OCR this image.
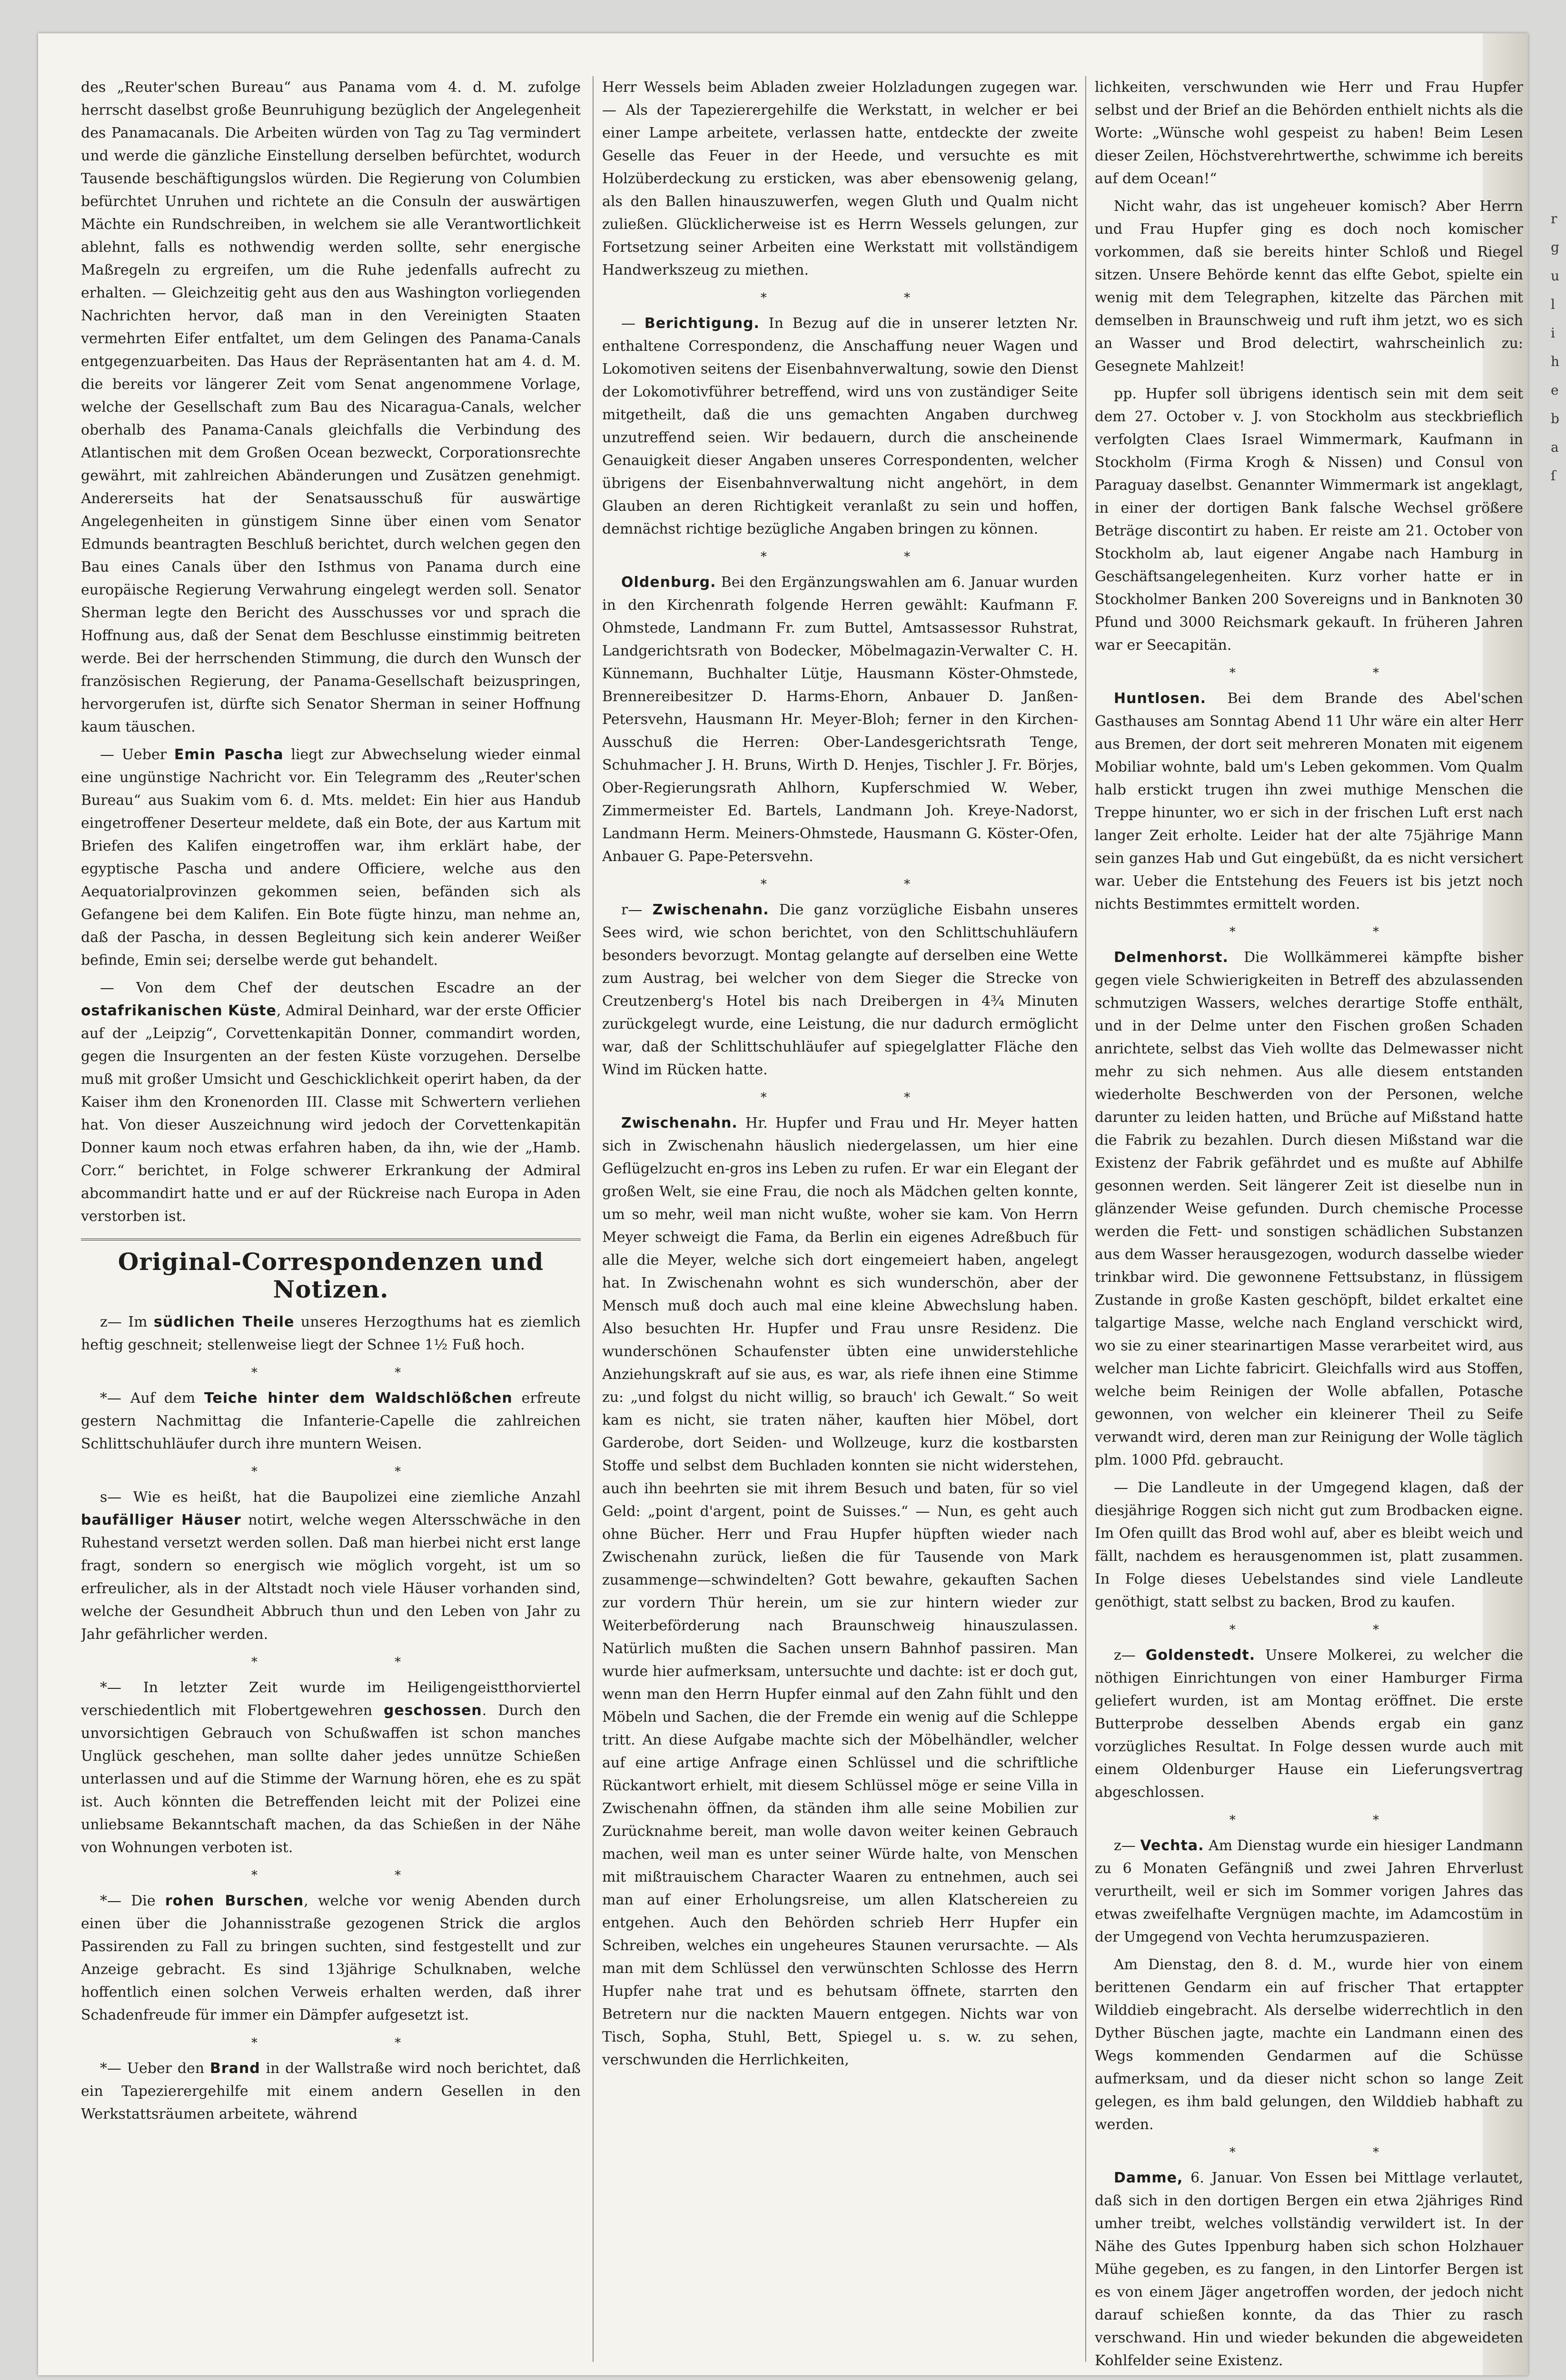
des „Reuter'schen Bureau“ aus Panama vom 4. d. M. zufolge herrscht daselbst große Beunruhigung bezüglich der Angelegenheit des Panamacanals. Die Arbeiten würden von Tag zu Tag vermindert und werde die gänzliche Einstellung derselben befürchtet, wodurch Tausende beschäftigungslos würden. Die Regierung von Columbien befürchtet Unruhen und richtete an die Consuln der auswärtigen Mächte ein Rundschreiben, in welchem sie alle Verantwortlichkeit ablehnt, falls es nothwendig werden sollte, sehr energische Maßregeln zu ergreifen, um die Ruhe jedenfalls aufrecht zu erhalten. — Gleichzeitig geht aus den aus Washington vorliegenden Nachrichten hervor, daß man in den Vereinigten Staaten vermehrten Eifer entfaltet, um dem Gelingen des Panama-Canals entgegenzuarbeiten. Das Haus der Repräsentanten hat am 4. d. M. die bereits vor längerer Zeit vom Senat angenommene Vorlage, welche der Gesellschaft zum Bau des Nicaragua-Canals, welcher oberhalb des Panama-Canals gleichfalls die Verbindung des Atlantischen mit dem Großen Ocean bezweckt, Corporationsrechte gewährt, mit zahlreichen Abänderungen und Zusätzen genehmigt. Andererseits hat der Senatsausschuß für auswärtige Angelegenheiten in günstigem Sinne über einen vom Senator Edmunds beantragten Beschluß berichtet, durch welchen gegen den Bau eines Canals über den Isthmus von Panama durch eine europäische Regierung Verwahrung eingelegt werden soll. Senator Sherman legte den Bericht des Ausschusses vor und sprach die Hoffnung aus, daß der Senat dem Beschlusse einstimmig beitreten werde. Bei der herrschenden Stimmung, die durch den Wunsch der französischen Regierung, der Panama-Gesellschaft beizuspringen, hervorgerufen ist, dürfte sich Senator Sherman in seiner Hoffnung kaum täuschen.

— Ueber Emin Pascha liegt zur Abwechselung wieder einmal eine ungünstige Nachricht vor. Ein Telegramm des „Reuter'schen Bureau“ aus Suakim vom 6. d. Mts. meldet: Ein hier aus Handub eingetroffener Deserteur meldete, daß ein Bote, der aus Kartum mit Briefen des Kalifen eingetroffen war, ihm erklärt habe, der egyptische Pascha und andere Officiere, welche aus den Aequatorialprovinzen gekommen seien, befänden sich als Gefangene bei dem Kalifen. Ein Bote fügte hinzu, man nehme an, daß der Pascha, in dessen Begleitung sich kein anderer Weißer befinde, Emin sei; derselbe werde gut behandelt.

— Von dem Chef der deutschen Escadre an der ostafrikanischen Küste, Admiral Deinhard, war der erste Officier auf der „Leipzig“, Corvettenkapitän Donner, commandirt worden, gegen die Insurgenten an der festen Küste vorzugehen. Derselbe muß mit großer Umsicht und Geschicklichkeit operirt haben, da der Kaiser ihm den Kronenorden III. Classe mit Schwertern verliehen hat. Von dieser Auszeichnung wird jedoch der Corvettenkapitän Donner kaum noch etwas erfahren haben, da ihn, wie der „Hamb. Corr.“ berichtet, in Folge schwerer Erkrankung der Admiral abcommandirt hatte und er auf der Rückreise nach Europa in Aden verstorben ist.

Original-Correspondenzen und Notizen.

z— Im südlichen Theile unseres Herzogthums hat es ziemlich heftig geschneit; stellenweise liegt der Schnee 1½ Fuß hoch.

* *

*— Auf dem Teiche hinter dem Waldschlößchen erfreute gestern Nachmittag die Infanterie-Capelle die zahlreichen Schlittschuhläufer durch ihre muntern Weisen.

* *

s— Wie es heißt, hat die Baupolizei eine ziemliche Anzahl baufälliger Häuser notirt, welche wegen Altersschwäche in den Ruhestand versetzt werden sollen. Daß man hierbei nicht erst lange fragt, sondern so energisch wie möglich vorgeht, ist um so erfreulicher, als in der Altstadt noch viele Häuser vorhanden sind, welche der Gesundheit Abbruch thun und den Leben von Jahr zu Jahr gefährlicher werden.

* *

*— In letzter Zeit wurde im Heiligengeistthorviertel verschiedentlich mit Flobertgewehren geschossen. Durch den unvorsichtigen Gebrauch von Schußwaffen ist schon manches Unglück geschehen, man sollte daher jedes unnütze Schießen unterlassen und auf die Stimme der Warnung hören, ehe es zu spät ist. Auch könnten die Betreffenden leicht mit der Polizei eine unliebsame Bekanntschaft machen, da das Schießen in der Nähe von Wohnungen verboten ist.

* *

*— Die rohen Burschen, welche vor wenig Abenden durch einen über die Johannisstraße gezogenen Strick die arglos Passirenden zu Fall zu bringen suchten, sind festgestellt und zur Anzeige gebracht. Es sind 13jährige Schulknaben, welche hoffentlich einen solchen Verweis erhalten werden, daß ihrer Schadenfreude für immer ein Dämpfer aufgesetzt ist.

* *

*— Ueber den Brand in der Wallstraße wird noch berichtet, daß ein Tapezierergehilfe mit einem andern Gesellen in den Werkstattsräumen arbeitete, während

Herr Wessels beim Abladen zweier Holzladungen zugegen war. — Als der Tapezierergehilfe die Werkstatt, in welcher er bei einer Lampe arbeitete, verlassen hatte, entdeckte der zweite Geselle das Feuer in der Heede, und versuchte es mit Holzüberdeckung zu ersticken, was aber ebensowenig gelang, als den Ballen hinauszuwerfen, wegen Gluth und Qualm nicht zuließen. Glücklicherweise ist es Herrn Wessels gelungen, zur Fortsetzung seiner Arbeiten eine Werkstatt mit vollständigem Handwerkszeug zu miethen.

* *

— Berichtigung. In Bezug auf die in unserer letzten Nr. enthaltene Correspondenz, die Anschaffung neuer Wagen und Lokomotiven seitens der Eisenbahnverwaltung, sowie den Dienst der Lokomotivführer betreffend, wird uns von zuständiger Seite mitgetheilt, daß die uns gemachten Angaben durchweg unzutreffend seien. Wir bedauern, durch die anscheinende Genauigkeit dieser Angaben unseres Correspondenten, welcher übrigens der Eisenbahnverwaltung nicht angehört, in dem Glauben an deren Richtigkeit veranlaßt zu sein und hoffen, demnächst richtige bezügliche Angaben bringen zu können.

* *

Oldenburg. Bei den Ergänzungswahlen am 6. Januar wurden in den Kirchenrath folgende Herren gewählt: Kaufmann F. Ohmstede, Landmann Fr. zum Buttel, Amtsassessor Ruhstrat, Landgerichtsrath von Bodecker, Möbelmagazin-Verwalter C. H. Künnemann, Buchhalter Lütje, Hausmann Köster-Ohmstede, Brennereibesitzer D. Harms-Ehorn, Anbauer D. Janßen-Petersvehn, Hausmann Hr. Meyer-Bloh; ferner in den Kirchen-Ausschuß die Herren: Ober-Landesgerichtsrath Tenge, Schuhmacher J. H. Bruns, Wirth D. Henjes, Tischler J. Fr. Börjes, Ober-Regierungsrath Ahlhorn, Kupferschmied W. Weber, Zimmermeister Ed. Bartels, Landmann Joh. Kreye-Nadorst, Landmann Herm. Meiners-Ohmstede, Hausmann G. Köster-Ofen, Anbauer G. Pape-Petersvehn.

* *

r— Zwischenahn. Die ganz vorzügliche Eisbahn unseres Sees wird, wie schon berichtet, von den Schlittschuhläufern besonders bevorzugt. Montag gelangte auf derselben eine Wette zum Austrag, bei welcher von dem Sieger die Strecke von Creutzenberg's Hotel bis nach Dreibergen in 4¾ Minuten zurückgelegt wurde, eine Leistung, die nur dadurch ermöglicht war, daß der Schlittschuhläufer auf spiegelglatter Fläche den Wind im Rücken hatte.

* *

Zwischenahn. Hr. Hupfer und Frau und Hr. Meyer hatten sich in Zwischenahn häuslich niedergelassen, um hier eine Geflügelzucht en-gros ins Leben zu rufen. Er war ein Elegant der großen Welt, sie eine Frau, die noch als Mädchen gelten konnte, um so mehr, weil man nicht wußte, woher sie kam. Von Herrn Meyer schweigt die Fama, da Berlin ein eigenes Adreßbuch für alle die Meyer, welche sich dort eingemeiert haben, angelegt hat. In Zwischenahn wohnt es sich wunderschön, aber der Mensch muß doch auch mal eine kleine Abwechslung haben. Also besuchten Hr. Hupfer und Frau unsre Residenz. Die wunderschönen Schaufenster übten eine unwiderstehliche Anziehungskraft auf sie aus, es war, als riefe ihnen eine Stimme zu: „und folgst du nicht willig, so brauch' ich Gewalt.“ So weit kam es nicht, sie traten näher, kauften hier Möbel, dort Garderobe, dort Seiden- und Wollzeuge, kurz die kostbarsten Stoffe und selbst dem Buchladen konnten sie nicht widerstehen, auch ihn beehrten sie mit ihrem Besuch und baten, für so viel Geld: „point d'argent, point de Suisses.“ — Nun, es geht auch ohne Bücher. Herr und Frau Hupfer hüpften wieder nach Zwischenahn zurück, ließen die für Tausende von Mark zusammenge—schwindelten? Gott bewahre, gekauften Sachen zur vordern Thür herein, um sie zur hintern wieder zur Weiterbeförderung nach Braunschweig hinauszulassen. Natürlich mußten die Sachen unsern Bahnhof passiren. Man wurde hier aufmerksam, untersuchte und dachte: ist er doch gut, wenn man den Herrn Hupfer einmal auf den Zahn fühlt und den Möbeln und Sachen, die der Fremde ein wenig auf die Schleppe tritt. An diese Aufgabe machte sich der Möbelhändler, welcher auf eine artige Anfrage einen Schlüssel und die schriftliche Rückantwort erhielt, mit diesem Schlüssel möge er seine Villa in Zwischenahn öffnen, da ständen ihm alle seine Mobilien zur Zurücknahme bereit, man wolle davon weiter keinen Gebrauch machen, weil man es unter seiner Würde halte, von Menschen mit mißtrauischem Character Waaren zu entnehmen, auch sei man auf einer Erholungsreise, um allen Klatschereien zu entgehen. Auch den Behörden schrieb Herr Hupfer ein Schreiben, welches ein ungeheures Staunen verursachte. — Als man mit dem Schlüssel den verwünschten Schlosse des Herrn Hupfer nahe trat und es behutsam öffnete, starrten den Betretern nur die nackten Mauern entgegen. Nichts war von Tisch, Sopha, Stuhl, Bett, Spiegel u. s. w. zu sehen, verschwunden die Herrlichkeiten,

lichkeiten, verschwunden wie Herr und Frau Hupfer selbst und der Brief an die Behörden enthielt nichts als die Worte: „Wünsche wohl gespeist zu haben! Beim Lesen dieser Zeilen, Höchstverehrtwerthe, schwimme ich bereits auf dem Ocean!“

Nicht wahr, das ist ungeheuer komisch? Aber Herrn und Frau Hupfer ging es doch noch komischer vorkommen, daß sie bereits hinter Schloß und Riegel sitzen. Unsere Behörde kennt das elfte Gebot, spielte ein wenig mit dem Telegraphen, kitzelte das Pärchen mit demselben in Braunschweig und ruft ihm jetzt, wo es sich an Wasser und Brod delectirt, wahrscheinlich zu: Gesegnete Mahlzeit!

pp. Hupfer soll übrigens identisch sein mit dem seit dem 27. October v. J. von Stockholm aus steckbrieflich verfolgten Claes Israel Wimmermark, Kaufmann in Stockholm (Firma Krogh & Nissen) und Consul von Paraguay daselbst. Genannter Wimmermark ist angeklagt, in einer der dortigen Bank falsche Wechsel größere Beträge discontirt zu haben. Er reiste am 21. October von Stockholm ab, laut eigener Angabe nach Hamburg in Geschäftsangelegenheiten. Kurz vorher hatte er in Stockholmer Banken 200 Sovereigns und in Banknoten 30 Pfund und 3000 Reichsmark gekauft. In früheren Jahren war er Seecapitän.

* *

Huntlosen. Bei dem Brande des Abel'schen Gasthauses am Sonntag Abend 11 Uhr wäre ein alter Herr aus Bremen, der dort seit mehreren Monaten mit eigenem Mobiliar wohnte, bald um's Leben gekommen. Vom Qualm halb erstickt trugen ihn zwei muthige Menschen die Treppe hinunter, wo er sich in der frischen Luft erst nach langer Zeit erholte. Leider hat der alte 75jährige Mann sein ganzes Hab und Gut eingebüßt, da es nicht versichert war. Ueber die Entstehung des Feuers ist bis jetzt noch nichts Bestimmtes ermittelt worden.

* *

Delmenhorst. Die Wollkämmerei kämpfte bisher gegen viele Schwierigkeiten in Betreff des abzulassenden schmutzigen Wassers, welches derartige Stoffe enthält, und in der Delme unter den Fischen großen Schaden anrichtete, selbst das Vieh wollte das Delmewasser nicht mehr zu sich nehmen. Aus alle diesem entstanden wiederholte Beschwerden von der Personen, welche darunter zu leiden hatten, und Brüche auf Mißstand hatte die Fabrik zu bezahlen. Durch diesen Mißstand war die Existenz der Fabrik gefährdet und es mußte auf Abhilfe gesonnen werden. Seit längerer Zeit ist dieselbe nun in glänzender Weise gefunden. Durch chemische Processe werden die Fett- und sonstigen schädlichen Substanzen aus dem Wasser herausgezogen, wodurch dasselbe wieder trinkbar wird. Die gewonnene Fettsubstanz, in flüssigem Zustande in große Kasten geschöpft, bildet erkaltet eine talgartige Masse, welche nach England verschickt wird, wo sie zu einer stearinartigen Masse verarbeitet wird, aus welcher man Lichte fabricirt. Gleichfalls wird aus Stoffen, welche beim Reinigen der Wolle abfallen, Potasche gewonnen, von welcher ein kleinerer Theil zu Seife verwandt wird, deren man zur Reinigung der Wolle täglich plm. 1000 Pfd. gebraucht.

— Die Landleute in der Umgegend klagen, daß der diesjährige Roggen sich nicht gut zum Brodbacken eigne. Im Ofen quillt das Brod wohl auf, aber es bleibt weich und fällt, nachdem es herausgenommen ist, platt zusammen. In Folge dieses Uebelstandes sind viele Landleute genöthigt, statt selbst zu backen, Brod zu kaufen.

* *

z— Goldenstedt. Unsere Molkerei, zu welcher die nöthigen Einrichtungen von einer Hamburger Firma geliefert wurden, ist am Montag eröffnet. Die erste Butterprobe desselben Abends ergab ein ganz vorzügliches Resultat. In Folge dessen wurde auch mit einem Oldenburger Hause ein Lieferungsvertrag abgeschlossen.

* *

z— Vechta. Am Dienstag wurde ein hiesiger Landmann zu 6 Monaten Gefängniß und zwei Jahren Ehrverlust verurtheilt, weil er sich im Sommer vorigen Jahres das etwas zweifelhafte Vergnügen machte, im Adamcostüm in der Umgegend von Vechta herumzuspazieren.

Am Dienstag, den 8. d. M., wurde hier von einem berittenen Gendarm ein auf frischer That ertappter Wilddieb eingebracht. Als derselbe widerrechtlich in den Dyther Büschen jagte, machte ein Landmann einen des Wegs kommenden Gendarmen auf die Schüsse aufmerksam, und da dieser nicht schon so lange Zeit gelegen, es ihm bald gelungen, den Wilddieb habhaft zu werden.

* *

Damme, 6. Januar. Von Essen bei Mittlage verlautet, daß sich in den dortigen Bergen ein etwa 2jähriges Rind umher treibt, welches vollständig verwildert ist. In der Nähe des Gutes Ippenburg haben sich schon Holzhauer Mühe gegeben, es zu fangen, in den Lintorfer Bergen ist es von einem Jäger angetroffen worden, der jedoch nicht darauf schießen konnte, da das Thier zu rasch verschwand. Hin und wieder bekunden die abgeweideten Kohlfelder seine Existenz.

r
g
u
l
i
h
e
b
a
ſ
